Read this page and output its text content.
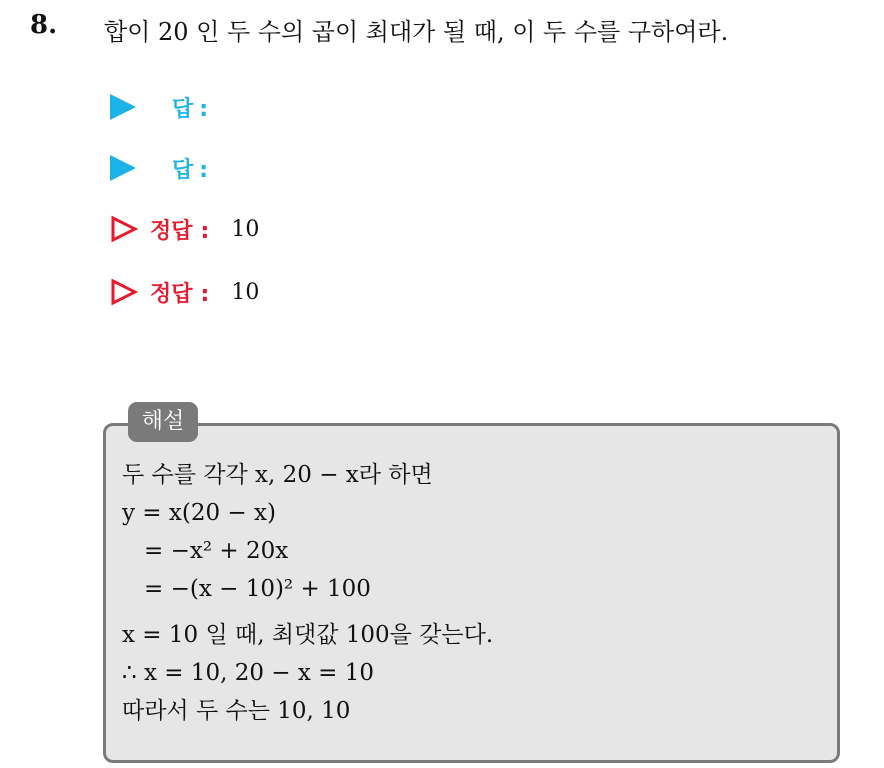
8. 합이 20 인 두 수의 곱이 최대가 될 때, 이 두 수를 구하여라.
답 :
답 :
정답 : 10
정답 : 10
해설
두 수를 각각 x, 20 − x라 하면
y = x(20 − x)
= −x² + 20x
= −(x − 10)² + 100
x = 10 일 때, 최댓값 100을 갖는다.
∴ x = 10, 20 − x = 10
따라서 두 수는 10, 10
